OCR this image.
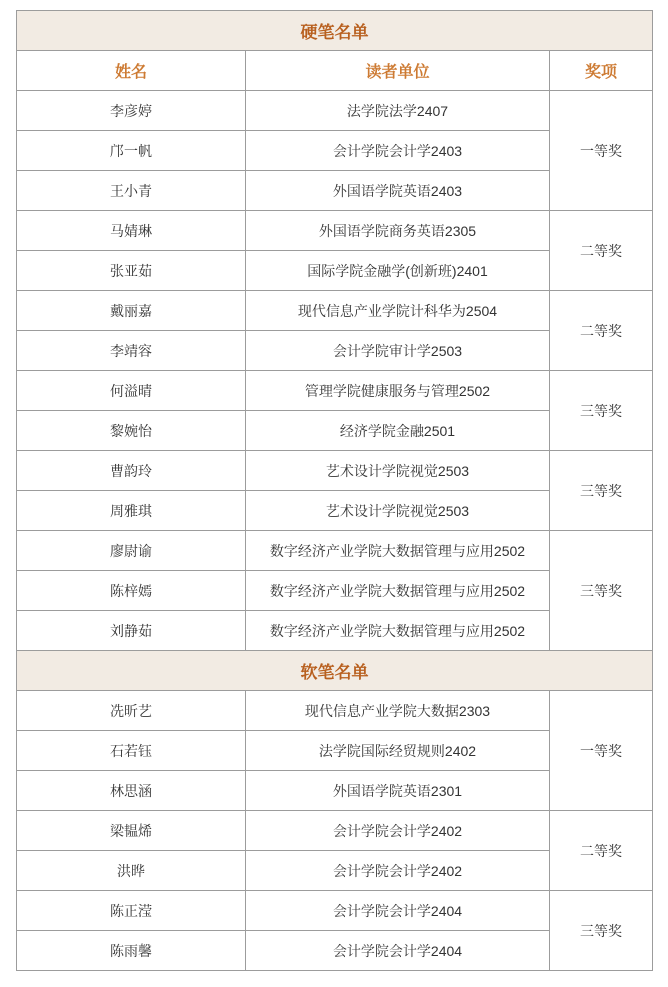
硬笔名单		
姓名	读者单位	奖项
李彦婷	法学院法学2407	一等奖
邝一帆	会计学院会计学2403	
王小青	外国语学院英语2403	
马婧琳	外国语学院商务英语2305	二等奖
张亚茹	国际学院金融学(创新班)2401	
戴丽嘉	现代信息产业学院计科华为2504	二等奖
李靖容	会计学院审计学2503	
何溢晴	管理学院健康服务与管理2502	三等奖
黎婉怡	经济学院金融2501	
曹韵玲	艺术设计学院视觉2503	三等奖
周雅琪	艺术设计学院视觉2503	
廖尉谕	数字经济产业学院大数据管理与应用2502	三等奖
陈梓嫣	数字经济产业学院大数据管理与应用2502	
刘静茹	数字经济产业学院大数据管理与应用2502	
软笔名单		
冼昕艺	现代信息产业学院大数据2303	一等奖
石若钰	法学院国际经贸规则2402	
林思涵	外国语学院英语2301	
梁韫烯	会计学院会计学2402	二等奖
洪晔	会计学院会计学2402	
陈正滢	会计学院会计学2404	三等奖
陈雨馨	会计学院会计学2404	
